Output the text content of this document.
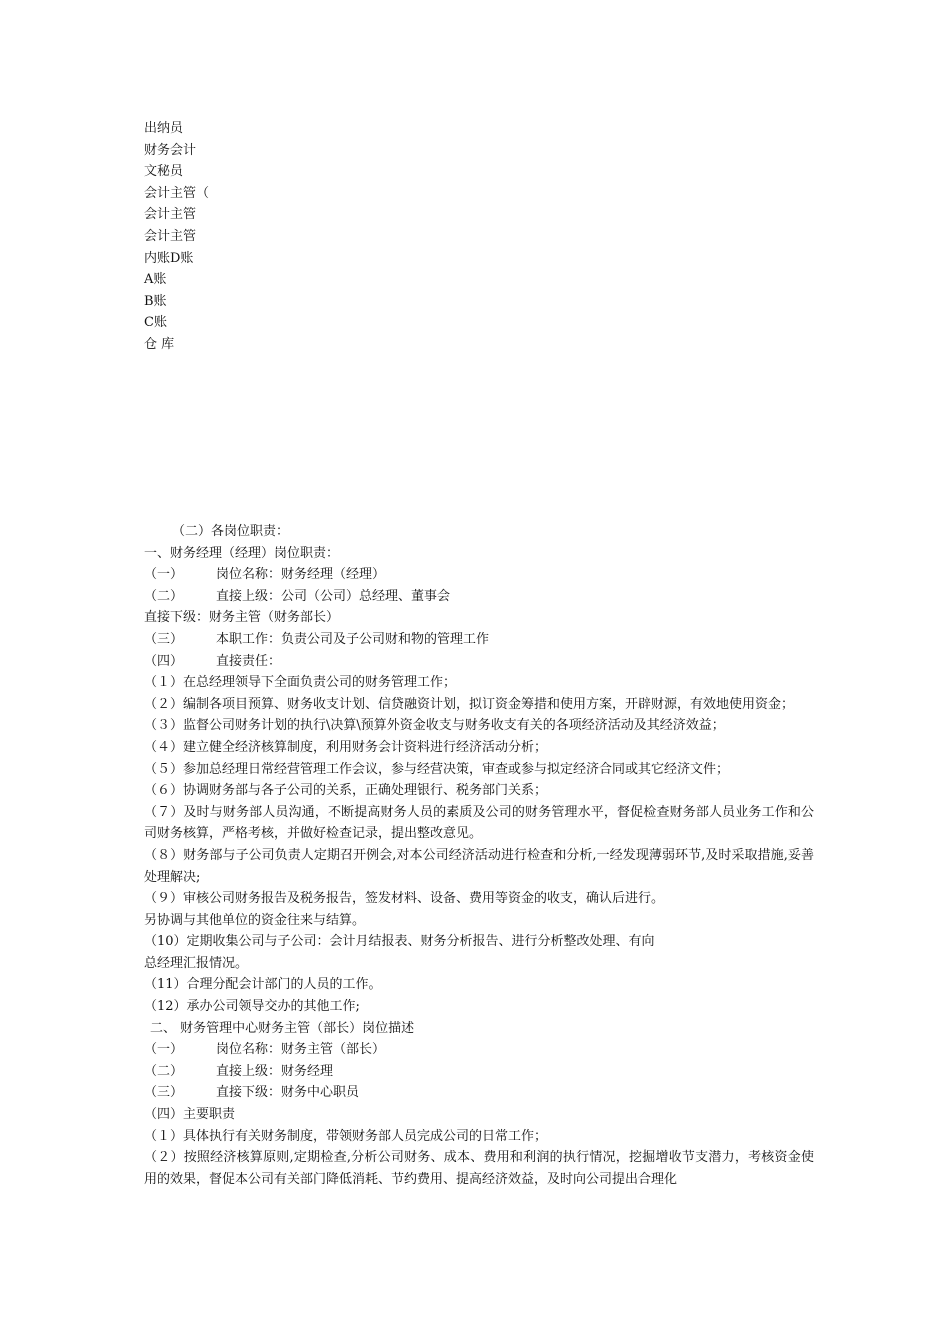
出纳员
财务会计
文秘员
会计主管（
会计主管
会计主管
内账D账
A账
B账
C账
仓 库
（二）各岗位职责：
一、财务经理（经理）岗位职责：
（一）	岗位名称：财务经理（经理）
（二）	直接上级：公司（公司）总经理、董事会
直接下级：财务主管（财务部长）
（三）	本职工作：负责公司及子公司财和物的管理工作
（四）	直接责任：
（１）在总经理领导下全面负责公司的财务管理工作；
（２）编制各项目预算、财务收支计划、信贷融资计划，拟订资金筹措和使用方案，开辟财源，有效地使用资金；
（３）监督公司财务计划的执行\决算\预算外资金收支与财务收支有关的各项经济活动及其经济效益；
（４）建立健全经济核算制度，利用财务会计资料进行经济活动分析；
（５）参加总经理日常经营管理工作会议，参与经营决策，审查或参与拟定经济合同或其它经济文件；
（６）协调财务部与各子公司的关系，正确处理银行、税务部门关系；
（７）及时与财务部人员沟通，不断提高财务人员的素质及公司的财务管理水平，督促检查财务部人员业务工作和公司财务核算，严格考核，并做好检查记录，提出整改意见。
（８）财务部与子公司负责人定期召开例会,对本公司经济活动进行检查和分析,一经发现薄弱环节,及时采取措施,妥善处理解决;
（９）审核公司财务报告及税务报告，签发材料、设备、费用等资金的收支，确认后进行。
另协调与其他单位的资金往来与结算。
（10）定期收集公司与子公司：会计月结报表、财务分析报告、进行分析整改处理、有向
总经理汇报情况。
（11）合理分配会计部门的人员的工作。
（12）承办公司领导交办的其他工作;
二、 财务管理中心财务主管（部长）岗位描述
（一）	岗位名称：财务主管（部长）
（二）	直接上级：财务经理
（三）	直接下级：财务中心职员
（四）主要职责
（１）具体执行有关财务制度，带领财务部人员完成公司的日常工作；
（２）按照经济核算原则,定期检查,分析公司财务、成本、费用和利润的执行情况，挖掘增收节支潜力，考核资金使用的效果，督促本公司有关部门降低消耗、节约费用、提高经济效益，及时向公司提出合理化
